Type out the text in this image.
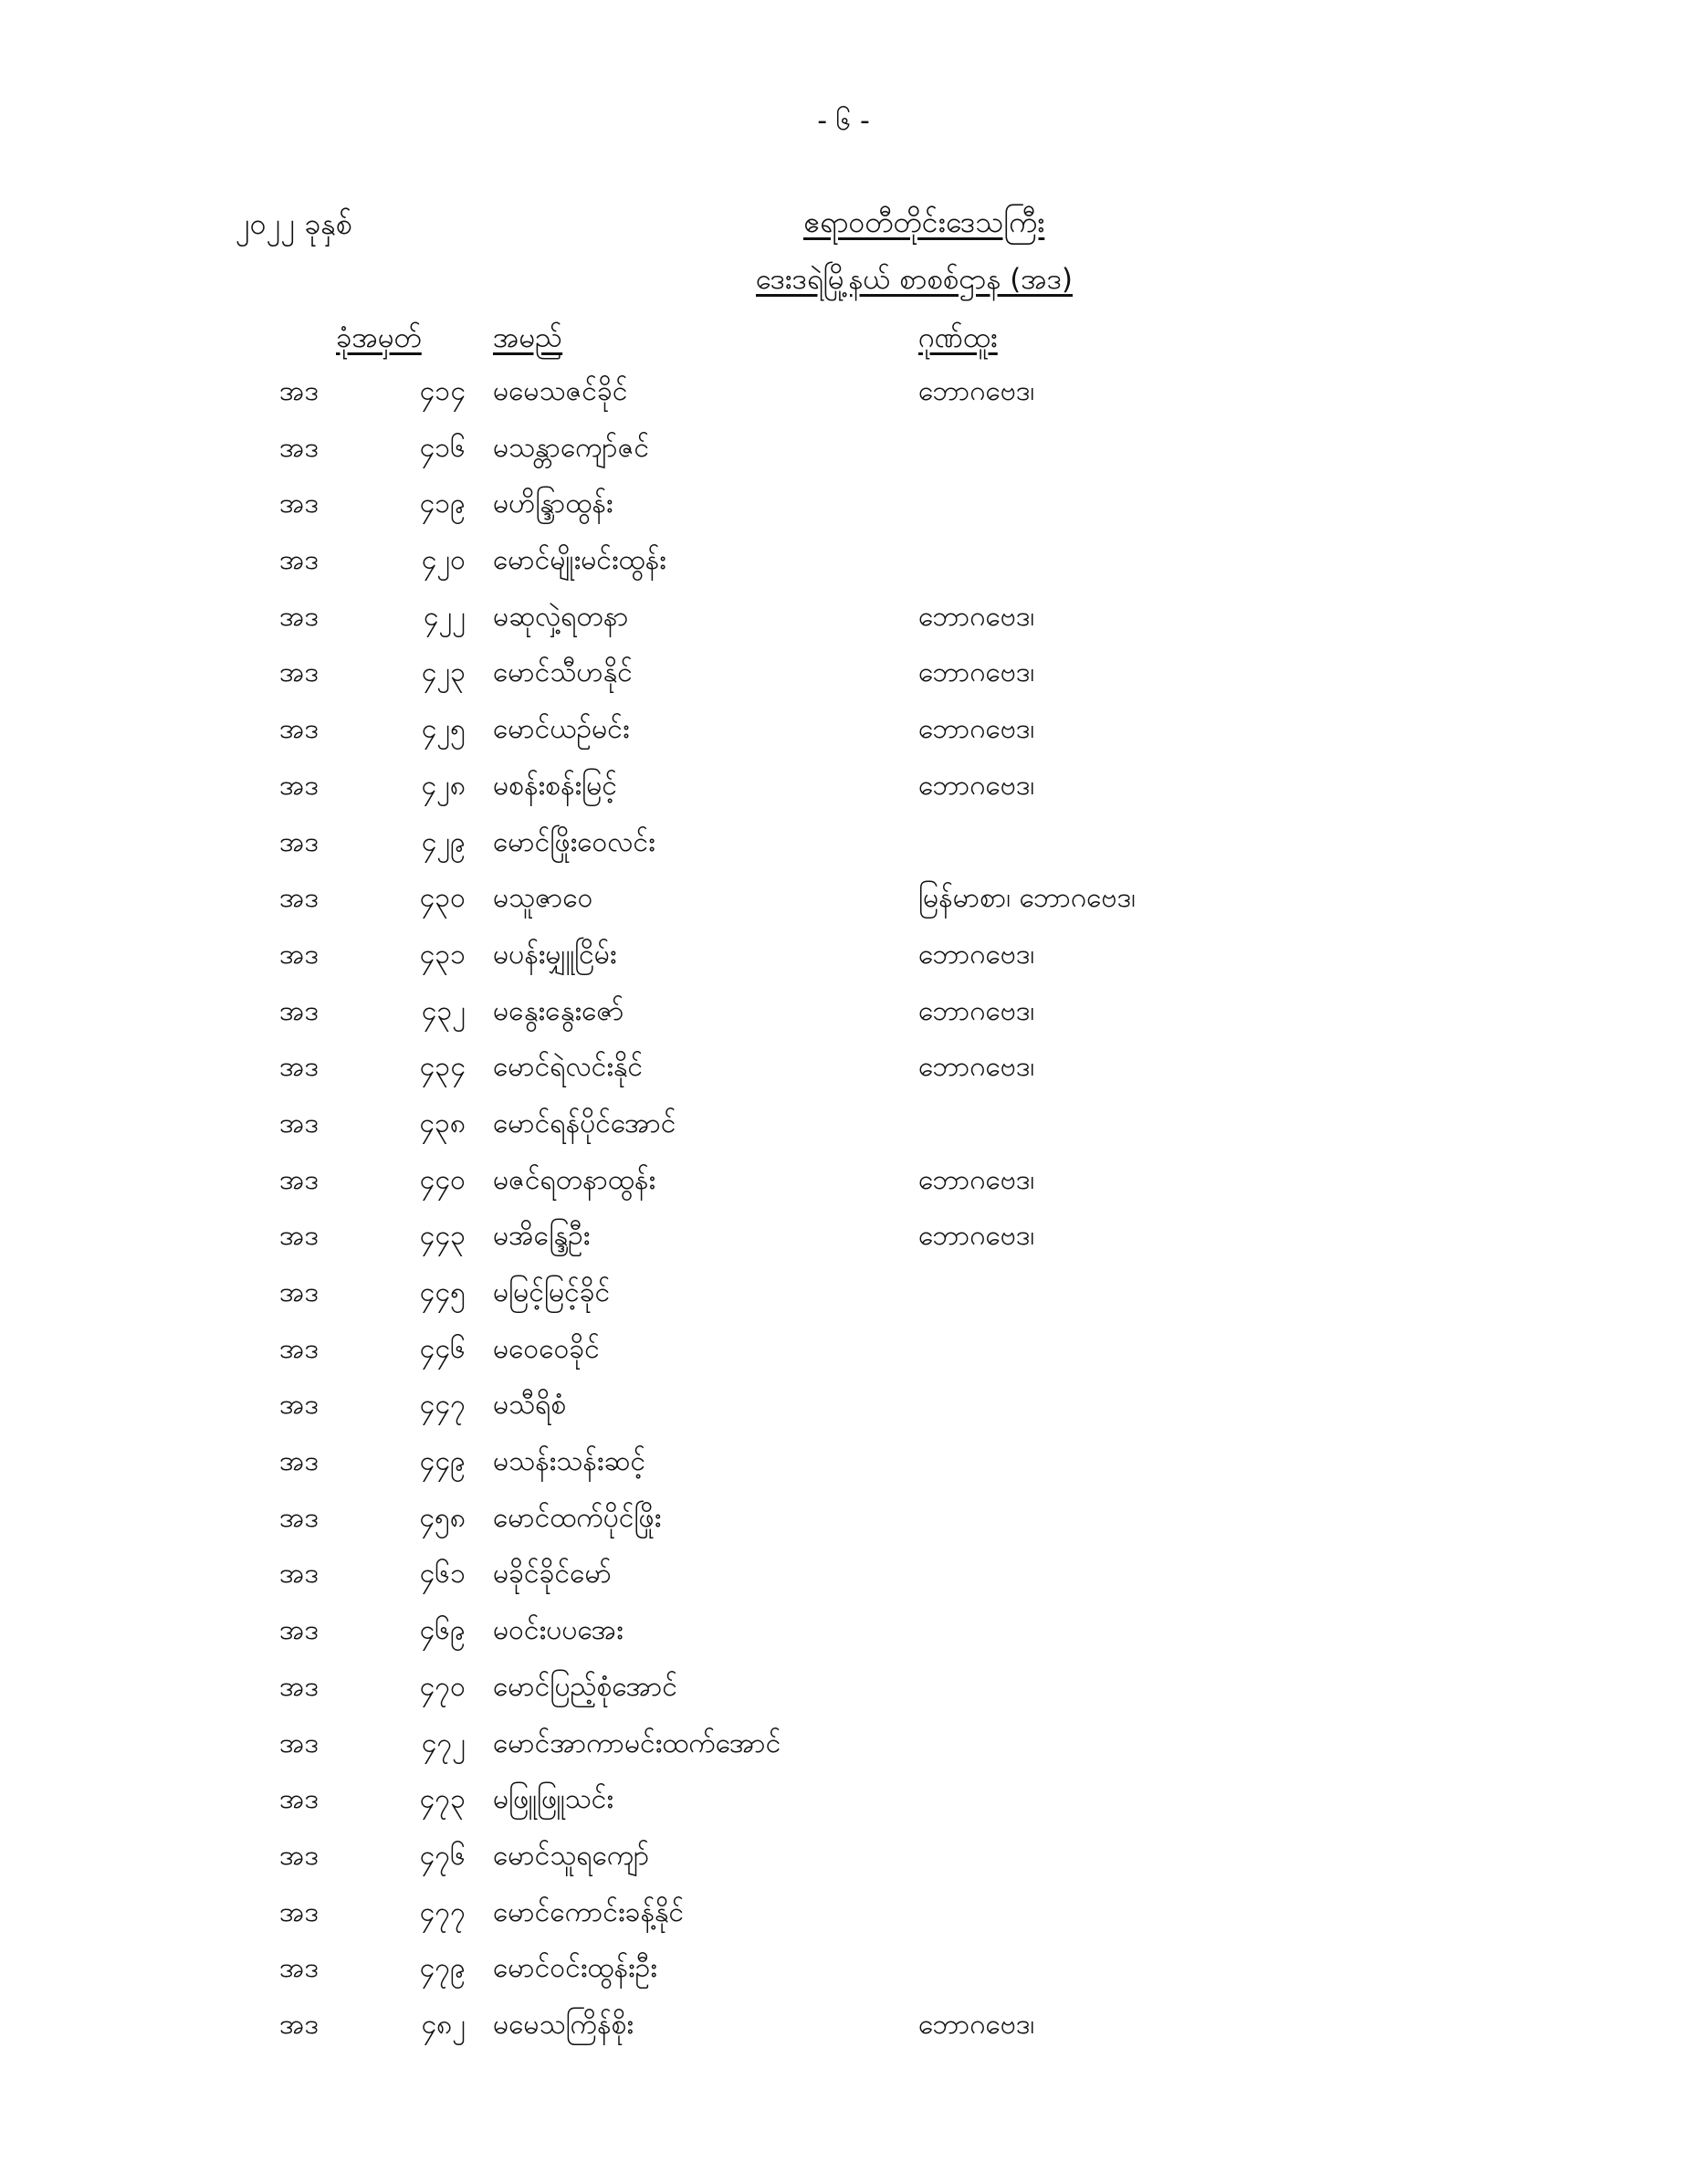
- ၆ -
၂၀၂၂ ခုနှစ်	ဧရာဝတီတိုင်းဒေသကြီး
ဒေးဒရဲမြို့နယ် စာစစ်ဌာန (အဒ)
ခုံအမှတ်	အမည်	ဂုဏ်ထူး
အဒ	၄၁၄ မမေသဇင်ခိုင်	ဘောဂဗေဒ၊
အဒ	၄၁၆ မသန္တာကျော်ဇင်
အဒ	၄၁၉ မဟိန္ဒြာထွန်း
အဒ	၄၂၀ မောင်မျိုးမင်းထွန်း
အဒ	၄၂၂ မဆုလှဲ့ရတနာ	ဘောဂဗေဒ၊
အဒ	၄၂၃ မောင်သီဟနိုင်	ဘောဂဗေဒ၊
အဒ	၄၂၅ မောင်ယဉ်မင်း	ဘောဂဗေဒ၊
အဒ	၄၂၈ မစန်းစန်းမြင့်	ဘောဂဗေဒ၊
အဒ	၄၂၉ မောင်ဖြိုးဝေလင်း
အဒ	၄၃၀ မသူဇာဝေ	မြန်မာစာ၊ ဘောဂဗေဒ၊
အဒ	၄၃၁ မပန်းမျှူငြိမ်း	ဘောဂဗေဒ၊
အဒ	၄၃၂ မနွေးနွေးဇော်	ဘောဂဗေဒ၊
အဒ	၄၃၄ မောင်ရဲလင်းနိုင်	ဘောဂဗေဒ၊
အဒ	၄၃၈ မောင်ရန်ပိုင်အောင်
အဒ	၄၄၀ မဇင်ရတနာထွန်း	ဘောဂဗေဒ၊
အဒ	၄၄၃ မအိန္ဒြေဦး	ဘောဂဗေဒ၊
အဒ	၄၄၅ မမြင့်မြင့်ခိုင်
အဒ	၄၄၆ မဝေဝေခိုင်
အဒ	၄၄၇ မသီရိစံ
အဒ	၄၄၉ မသန်းသန်းဆင့်
အဒ	၄၅၈ မောင်ထက်ပိုင်ဖြိုး
အဒ	၄၆၁ မခိုင်ခိုင်မော်
အဒ	၄၆၉ မဝင်းပပအေး
အဒ	၄၇၀ မောင်ပြည့်စုံအောင်
အဒ	၄၇၂ မောင်အာကာမင်းထက်အောင်
အဒ	၄၇၃ မဖြူဖြူသင်း
အဒ	၄၇၆ မောင်သူရကျော်
အဒ	၄၇၇ မောင်ကောင်းခန့်နိုင်
အဒ	၄၇၉ မောင်ဝင်းထွန်းဦး
အဒ	၄၈၂ မမေသကြိန်စိုး	ဘောဂဗေဒ၊
